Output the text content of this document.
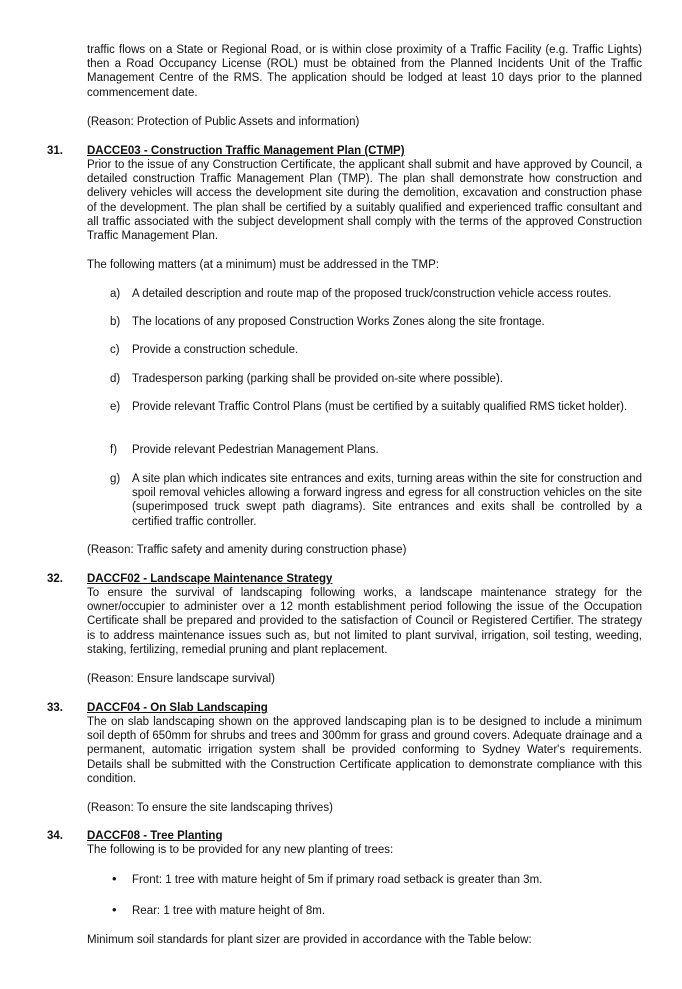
traffic flows on a State or Regional Road, or is within close proximity of a Traffic Facility (e.g. Traffic Lights) then a Road Occupancy License (ROL) must be obtained from the Planned Incidents Unit of the Traffic Management Centre of the RMS. The application should be lodged at least 10 days prior to the planned commencement date.

(Reason: Protection of Public Assets and information)

31. DACCE03 - Construction Traffic Management Plan (CTMP)

Prior to the issue of any Construction Certificate, the applicant shall submit and have approved by Council, a detailed construction Traffic Management Plan (TMP). The plan shall demonstrate how construction and delivery vehicles will access the development site during the demolition, excavation and construction phase of the development. The plan shall be certified by a suitably qualified and experienced traffic consultant and all traffic associated with the subject development shall comply with the terms of the approved Construction Traffic Management Plan.

The following matters (at a minimum) must be addressed in the TMP:

a) A detailed description and route map of the proposed truck/construction vehicle access routes.

b) The locations of any proposed Construction Works Zones along the site frontage.

c) Provide a construction schedule.

d) Tradesperson parking (parking shall be provided on-site where possible).

e) Provide relevant Traffic Control Plans (must be certified by a suitably qualified RMS ticket holder).

f) Provide relevant Pedestrian Management Plans.

g) A site plan which indicates site entrances and exits, turning areas within the site for construction and spoil removal vehicles allowing a forward ingress and egress for all construction vehicles on the site (superimposed truck swept path diagrams). Site entrances and exits shall be controlled by a certified traffic controller.

(Reason: Traffic safety and amenity during construction phase)

32. DACCF02 - Landscape Maintenance Strategy

To ensure the survival of landscaping following works, a landscape maintenance strategy for the owner/occupier to administer over a 12 month establishment period following the issue of the Occupation Certificate shall be prepared and provided to the satisfaction of Council or Registered Certifier. The strategy is to address maintenance issues such as, but not limited to plant survival, irrigation, soil testing, weeding, staking, fertilizing, remedial pruning and plant replacement.

(Reason: Ensure landscape survival)

33. DACCF04 - On Slab Landscaping

The on slab landscaping shown on the approved landscaping plan is to be designed to include a minimum soil depth of 650mm for shrubs and trees and 300mm for grass and ground covers. Adequate drainage and a permanent, automatic irrigation system shall be provided conforming to Sydney Water's requirements. Details shall be submitted with the Construction Certificate application to demonstrate compliance with this condition.

(Reason: To ensure the site landscaping thrives)

34. DACCF08 - Tree Planting

The following is to be provided for any new planting of trees:

• Front: 1 tree with mature height of 5m if primary road setback is greater than 3m.

• Rear: 1 tree with mature height of 8m.

Minimum soil standards for plant sizer are provided in accordance with the Table below:
